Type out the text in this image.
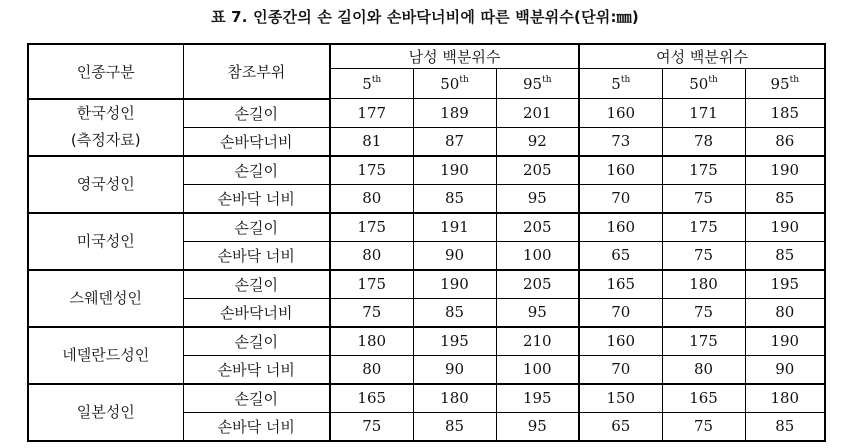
표 7. 인종간의 손 길이와 손바닥너비에 따른 백분위수(단위:㎜)
인종구분	참조부위	남성 백분위수			여성 백분위수		
		5th	50th	95th	5th	50th	95th

한국성인
(측정자료)	손길이	177	189	201	160	171	185
	손바닥너비	81	87	92	73	78	86

영국성인	손길이	175	190	205	160	175	190
	손바닥 너비	80	85	95	70	75	85

미국성인	손길이	175	191	205	160	175	190
	손바닥 너비	80	90	100	65	75	85

스웨덴성인	손길이	175	190	205	165	180	195
	손바닥너비	75	85	95	70	75	80

네델란드성인	손길이	180	195	210	160	175	190
	손바닥 너비	80	90	100	70	80	90

일본성인	손길이	165	180	195	150	165	180
	손바닥 너비	75	85	95	65	75	85
